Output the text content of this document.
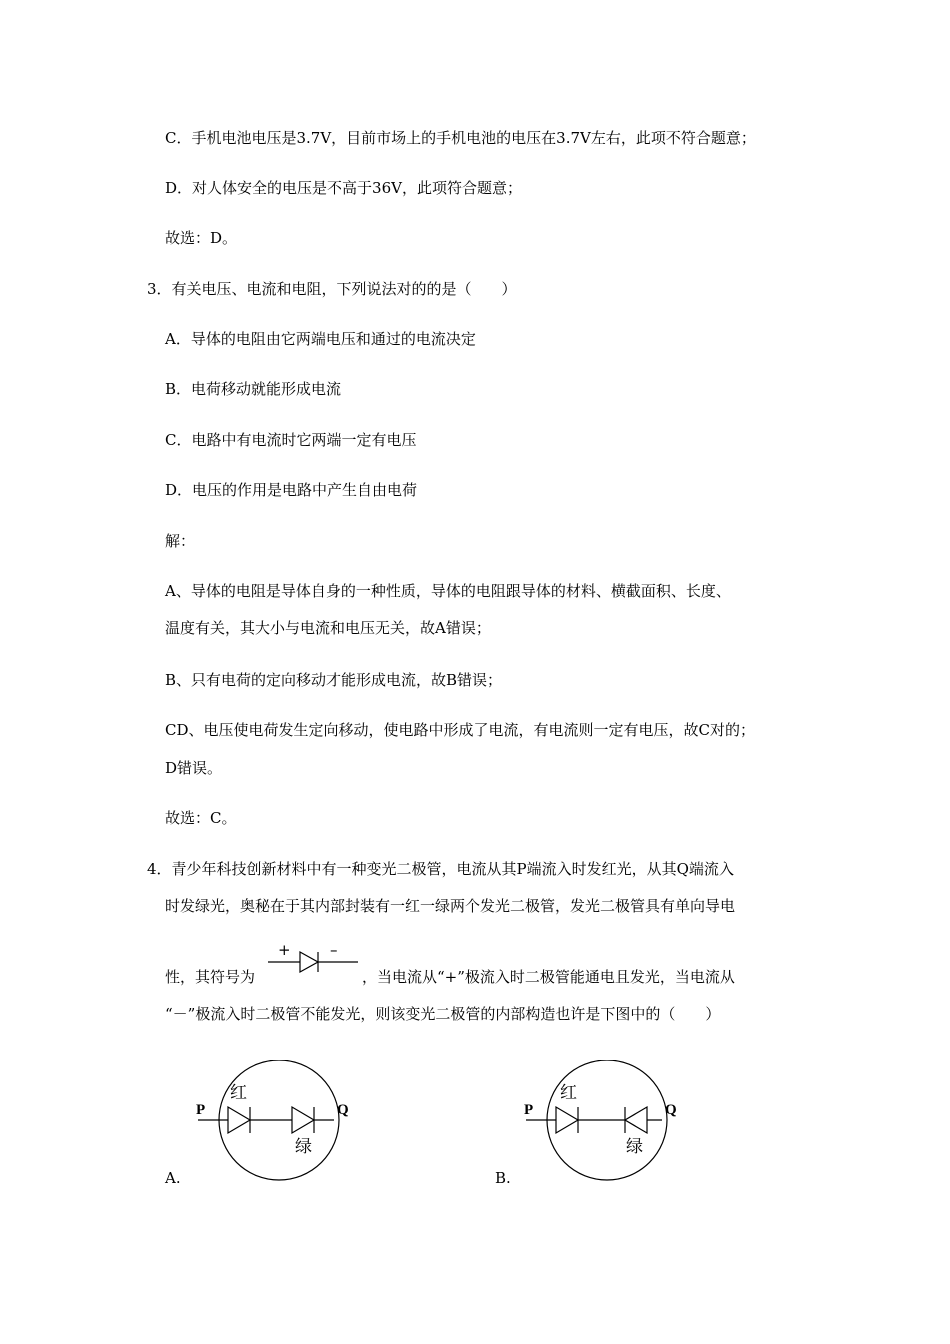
C．手机电池电压是3.7V，目前市场上的手机电池的电压在3.7V左右，此项不符合题意；
D．对人体安全的电压是不高于36V，此项符合题意；
故选：D。
3．有关电压、电流和电阻，下列说法对的的是（　　）
A．导体的电阻由它两端电压和通过的电流决定
B．电荷移动就能形成电流
C．电路中有电流时它两端一定有电压
D．电压的作用是电路中产生自由电荷
解：
A、导体的电阻是导体自身的一种性质，导体的电阻跟导体的材料、横截面积、长度、
温度有关，其大小与电流和电压无关，故A错误；
B、只有电荷的定向移动才能形成电流，故B错误；
CD、电压使电荷发生定向移动，使电路中形成了电流，有电流则一定有电压，故C对的；
D错误。
故选：C。
4．青少年科技创新材料中有一种变光二极管，电流从其P端流入时发红光，从其Q端流入
时发绿光，奥秘在于其内部封装有一红一绿两个发光二极管，发光二极管具有单向导电
性，其符号为
+	–
，当电流从“+”极流入时二极管能通电且发光，当电流从
“－”极流入时二极管不能发光，则该变光二极管的内部构造也许是下图中的（　　）
P	Q
红
绿
A.
P	Q
红
绿
B.
